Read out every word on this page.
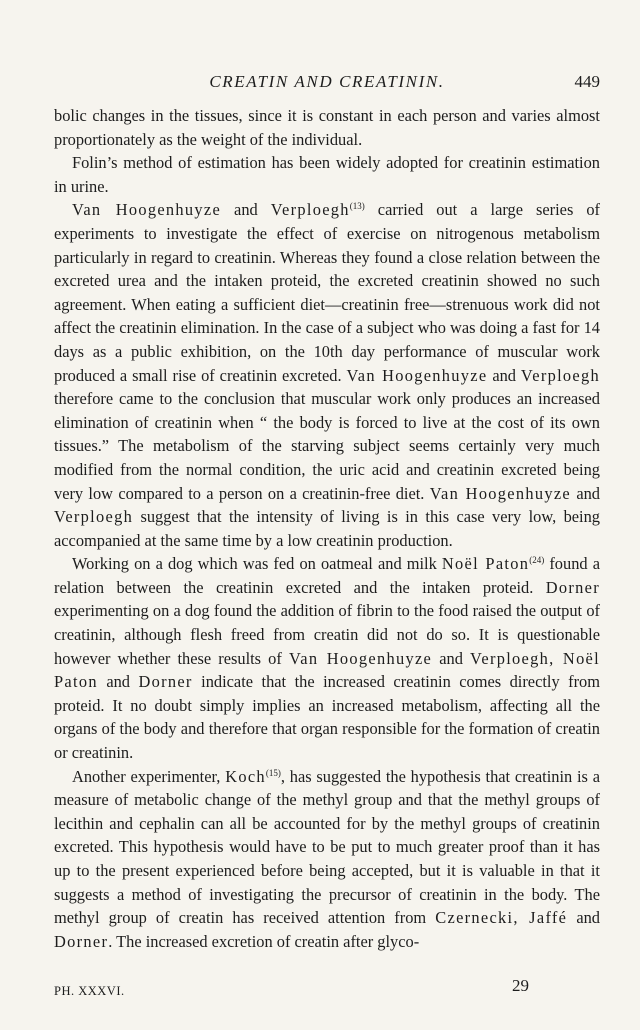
CREATIN AND CREATININ.	449

bolic changes in the tissues, since it is constant in each person and varies almost proportionately as the weight of the individual.

Folin’s method of estimation has been widely adopted for creatinin estimation in urine.

Van Hoogenhuyze and Verploegh$^{(13)}$ carried out a large series of experiments to investigate the effect of exercise on nitrogenous metabolism particularly in regard to creatinin. Whereas they found a close relation between the excreted urea and the intaken proteid, the excreted creatinin showed no such agreement. When eating a sufficient diet—creatinin free—strenuous work did not affect the creatinin elimination. In the case of a subject who was doing a fast for 14 days as a public exhibition, on the 10th day performance of muscular work produced a small rise of creatinin excreted. Van Hoogenhuyze and Verploegh therefore came to the conclusion that muscular work only produces an increased elimination of creatinin when “ the body is forced to live at the cost of its own tissues.” The metabolism of the starving subject seems certainly very much modified from the normal condition, the uric acid and creatinin excreted being very low compared to a person on a creatinin-free diet. Van Hoogenhuyze and Verploegh suggest that the intensity of living is in this case very low, being accompanied at the same time by a low creatinin production.

Working on a dog which was fed on oatmeal and milk Noël Paton$^{(24)}$ found a relation between the creatinin excreted and the intaken proteid. Dorner experimenting on a dog found the addition of fibrin to the food raised the output of creatinin, although flesh freed from creatin did not do so. It is questionable however whether these results of Van Hoogenhuyze and Verploegh, Noël Paton and Dorner indicate that the increased creatinin comes directly from proteid. It no doubt simply implies an increased metabolism, affecting all the organs of the body and therefore that organ responsible for the formation of creatin or creatinin.

Another experimenter, Koch$^{(15)}$, has suggested the hypothesis that creatinin is a measure of metabolic change of the methyl group and that the methyl groups of lecithin and cephalin can all be accounted for by the methyl groups of creatinin excreted. This hypothesis would have to be put to much greater proof than it has up to the present experienced before being accepted, but it is valuable in that it suggests a method of investigating the precursor of creatinin in the body. The methyl group of creatin has received attention from Czernecki, Jaffé and Dorner. The increased excretion of creatin after glyco-

PH. XXXVI.	29
